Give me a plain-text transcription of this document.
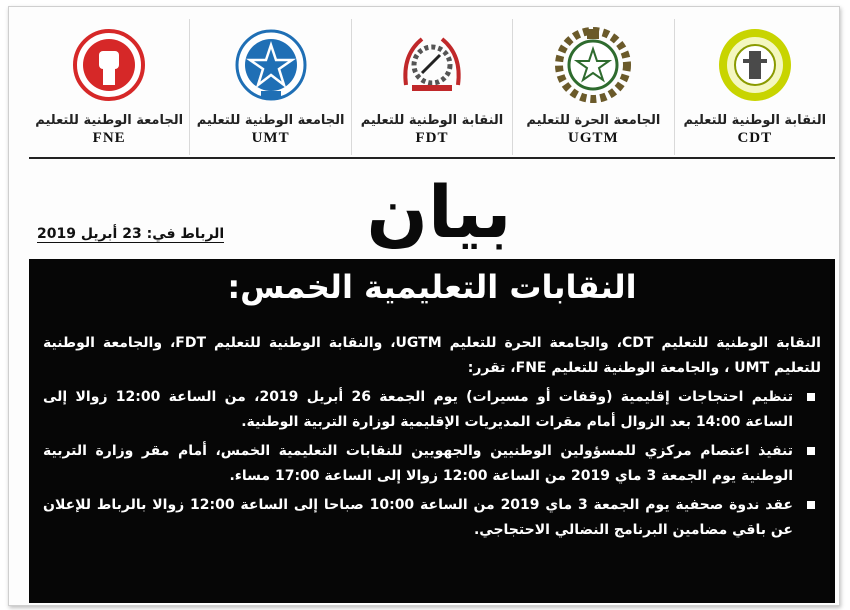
النقابة الوطنية للتعليم
CDT
الجامعة الحرة للتعليم
UGTM
النقابة الوطنية للتعليم
FDT
الجامعة الوطنية للتعليم
UMT
الجامعة الوطنية للتعليم
FNE
بيان
الرباط في: 23 أبريل 2019
النقابات التعليمية الخمس:

النقابة الوطنية للتعليم CDT، والجامعة الحرة للتعليم UGTM، والنقابة الوطنية للتعليم FDT، والجامعة الوطنية للتعليم UMT ، والجامعة الوطنية للتعليم FNE، تقرر:

تنظيم احتجاجات إقليمية (وقفات أو مسيرات) يوم الجمعة 26 أبريل 2019، من الساعة 12:00 زوالا إلى الساعة 14:00 بعد الزوال أمام مقرات المديريات الإقليمية لوزارة التربية الوطنية.
تنفيذ اعتصام مركزي للمسؤولين الوطنيين والجهويين للنقابات التعليمية الخمس، أمام مقر وزارة التربية الوطنية يوم الجمعة 3 ماي 2019 من الساعة 12:00 زوالا إلى الساعة 17:00 مساء.
عقد ندوة صحفية يوم الجمعة 3 ماي 2019 من الساعة 10:00 صباحا إلى الساعة 12:00 زوالا بالرباط للإعلان عن باقي مضامين البرنامج النضالي الاحتجاجي.
